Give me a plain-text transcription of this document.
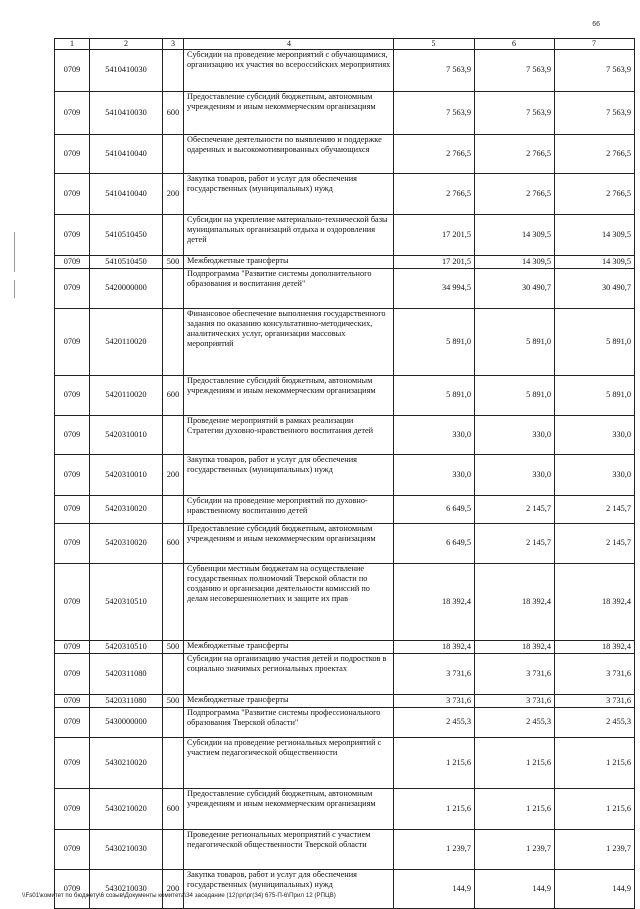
66
1	2	3	4	5	6	7
0709	5410410030		Субсидии на проведение мероприятий с обучающимися, организацию их участия во всероссийских мероприятиях	7 563,9	7 563,9	7 563,9
0709	5410410030	600	Предоставление субсидий бюджетным, автономным учреждениям и иным некоммерческим организациям	7 563,9	7 563,9	7 563,9
0709	5410410040		Обеспечение деятельности по выявлению и поддержке одаренных и высокомотивированных обучающихся	2 766,5	2 766,5	2 766,5
0709	5410410040	200	Закупка товаров, работ и услуг для обеспечения государственных (муниципальных) нужд	2 766,5	2 766,5	2 766,5
0709	5410510450		Субсидии на укрепление материально-технической базы муниципальных организаций отдыха и оздоровления детей	17 201,5	14 309,5	14 309,5
0709	5410510450	500	Межбюджетные трансферты	17 201,5	14 309,5	14 309,5
0709	5420000000		Подпрограмма "Развитие системы дополнительного образования и воспитания детей"	34 994,5	30 490,7	30 490,7
0709	5420110020		Финансовое обеспечение выполнения государственного задания по оказанию консультативно-методических, аналитических услуг, организации массовых мероприятий	5 891,0	5 891,0	5 891,0
0709	5420110020	600	Предоставление субсидий бюджетным, автономным учреждениям и иным некоммерческим организациям	5 891,0	5 891,0	5 891,0
0709	5420310010		Проведение мероприятий в рамках реализации Стратегии духовно-нравственного воспитания детей	330,0	330,0	330,0
0709	5420310010	200	Закупка товаров, работ и услуг для обеспечения государственных (муниципальных) нужд	330,0	330,0	330,0
0709	5420310020		Субсидии на проведение мероприятий по духовно-нравственному воспитанию детей	6 649,5	2 145,7	2 145,7
0709	5420310020	600	Предоставление субсидий бюджетным, автономным учреждениям и иным некоммерческим организациям	6 649,5	2 145,7	2 145,7
0709	5420310510		Субвенции местным бюджетам на осуществление государственных полномочий Тверской области по созданию и организации деятельности комиссий по делам несовершеннолетних и защите их прав	18 392,4	18 392,4	18 392,4
0709	5420310510	500	Межбюджетные трансферты	18 392,4	18 392,4	18 392,4
0709	5420311080		Субсидии на организацию участия детей и подростков в социально значимых региональных проектах	3 731,6	3 731,6	3 731,6
0709	5420311080	500	Межбюджетные трансферты	3 731,6	3 731,6	3 731,6
0709	5430000000		Подпрограмма "Развитие системы профессионального образования Тверской области"	2 455,3	2 455,3	2 455,3
0709	5430210020		Субсидии на проведение региональных мероприятий с участием педагогической общественности	1 215,6	1 215,6	1 215,6
0709	5430210020	600	Предоставление субсидий бюджетным, автономным учреждениям и иным некоммерческим организациям	1 215,6	1 215,6	1 215,6
0709	5430210030		Проведение региональных мероприятий с участием педагогической общественности Тверской области	1 239,7	1 239,7	1 239,7
0709	5430210030	200	Закупка товаров, работ и услуг для обеспечения государственных (муниципальных) нужд	144,9	144,9	144,9
\\Fs01\комитет по бюджету\6 созыв\Документы комитета\34 заседание (12)\рг\рг(34) 675-П-6\Прил 12 (РПЦВ)
